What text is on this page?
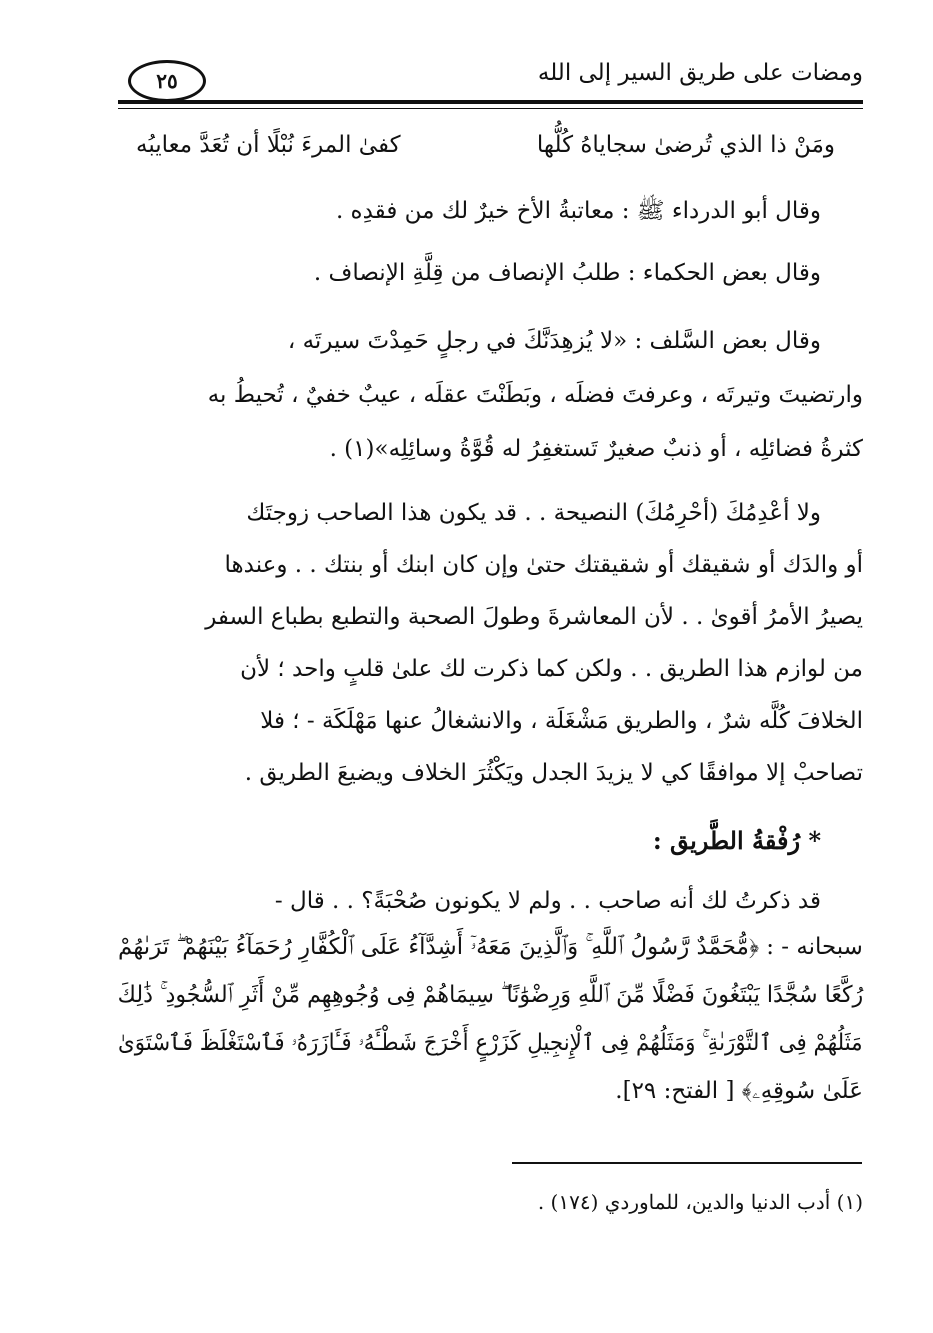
٢٥	ومضات على طريق السير إلى الله
ومَنْ ذا الذي تُرضىٰ سجاياهُ كُلُّها
كفىٰ المرءَ نُبْلًا أن تُعَدَّ معايبُه
وقال أبو الدرداء ﷺ : معاتبةُ الأخ خيرٌ لك من فقدِه .
وقال بعض الحكماء : طلبُ الإنصاف من قِلَّةِ الإنصاف .
وقال بعض السَّلف : «لا يُزهِدَنَّكَ في رجلٍ حَمِدْتَ سيرتَه ،
وارتضيتَ وتيرتَه ، وعرفتَ فضلَه ، وبَطَنْتَ عقلَه ، عيبٌ خفيٌ ، تُحيطُ به
كثرةُ فضائلِه ، أو ذنبٌ صغيرٌ تَستغفِرُ له قُوَّةُ وسائِلِه»(١) .
ولا أعْدِمُكَ (أحْرِمُكَ) النصيحة . . قد يكون هذا الصاحب زوجتَك
أو والدَك أو شقيقك أو شقيقتك حتىٰ وإن كان ابنك أو بنتك . . وعندها
يصيرُ الأمرُ أقوىٰ . . لأن المعاشرةَ وطولَ الصحبة والتطبع بطباع السفر
من لوازم هذا الطريق . . ولكن كما ذكرت لك علىٰ قلبٍ واحد ؛ لأن
الخلافَ كُلَّه شرٌ ، والطريق مَشْغَلَة ، والانشغالُ عنها مَهْلَكَة - ؛ فلا
تصاحبْ إلا موافقًا كي لا يزيدَ الجدل ويَكْثُرَ الخلاف ويضيعَ الطريق .
* رُفْقةُ الطَّريق :
قد ذكرتُ لك أنه صاحب . . ولم لا يكونون صُحْبَةً؟ . . قال -
سبحانه - : ﴿مُّحَمَّدٌ رَّسُولُ ٱللَّهِ ۚ وَٱلَّذِينَ مَعَهُۥٓ أَشِدَّآءُ عَلَى ٱلْكُفَّارِ رُحَمَآءُ بَيْنَهُمْ ۖ تَرَىٰهُمْ
رُكَّعًا سُجَّدًا يَبْتَغُونَ فَضْلًا مِّنَ ٱللَّهِ وَرِضْوَٰنًا ۖ سِيمَاهُمْ فِى وُجُوهِهِم مِّنْ أَثَرِ ٱلسُّجُودِ ۚ ذَٰلِكَ
مَثَلُهُمْ فِى ٱلتَّوْرَىٰةِ ۚ وَمَثَلُهُمْ فِى ٱلْإِنجِيلِ كَزَرْعٍ أَخْرَجَ شَطْـَٔهُۥ فَـَٔازَرَهُۥ فَٱسْتَغْلَظَ فَٱسْتَوَىٰ
عَلَىٰ سُوقِهِۦ﴾ [ الفتح: ٢٩].
(١) أدب الدنيا والدين، للماوردي (١٧٤) .
